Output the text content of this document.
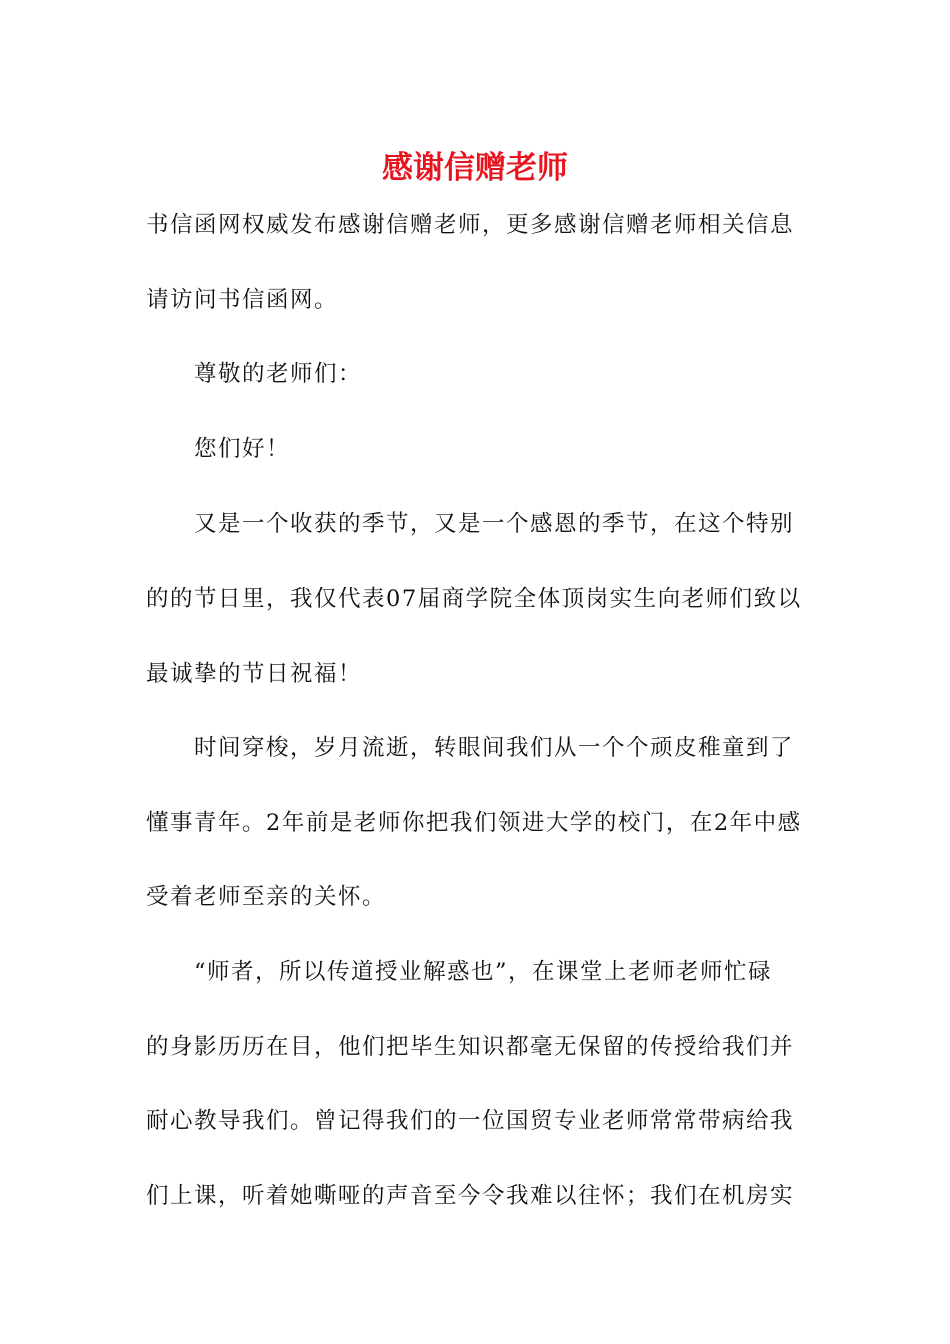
感谢信赠老师
书信函网权威发布感谢信赠老师，更多感谢信赠老师相关信息
请访问书信函网。
尊敬的老师们：
您们好！
又是一个收获的季节，又是一个感恩的季节，在这个特别
的的节日里，我仅代表07届商学院全体顶岗实生向老师们致以
最诚挚的节日祝福！
时间穿梭，岁月流逝，转眼间我们从一个个顽皮稚童到了
懂事青年。2年前是老师你把我们领进大学的校门，在2年中感
受着老师至亲的关怀。
“师者，所以传道授业解惑也”，在课堂上老师老师忙碌
的身影历历在目，他们把毕生知识都毫无保留的传授给我们并
耐心教导我们。曾记得我们的一位国贸专业老师常常带病给我
们上课，听着她嘶哑的声音至今令我难以往怀；我们在机房实
